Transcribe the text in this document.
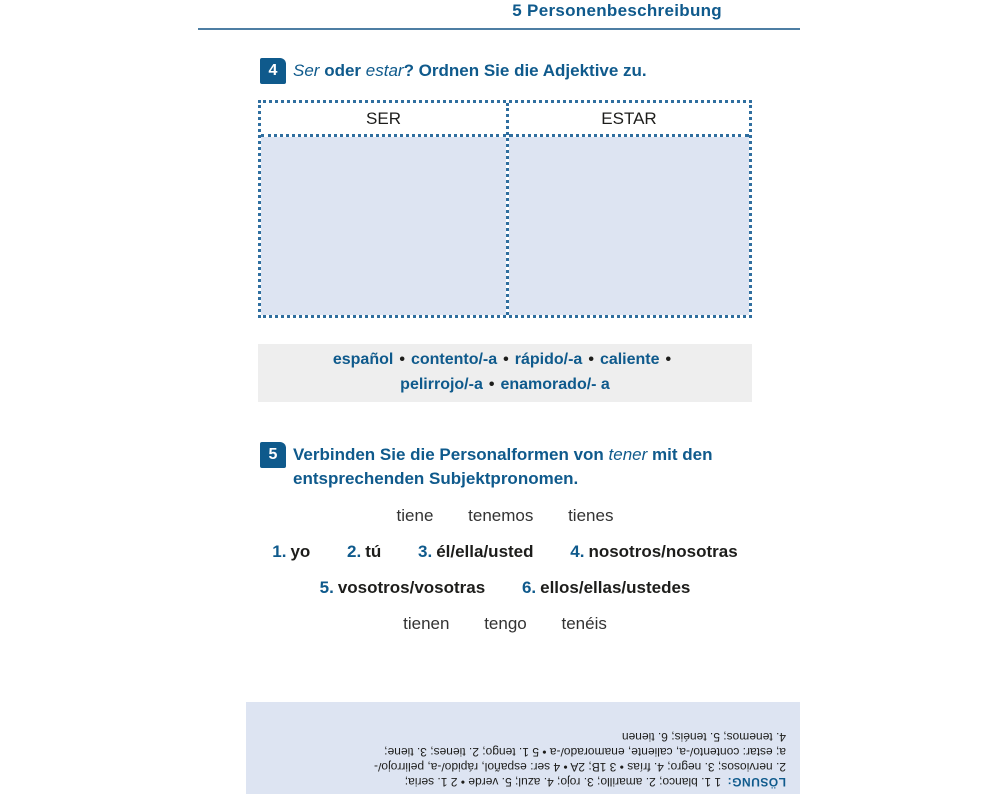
5 Personenbeschreibung
4 Ser oder estar? Ordnen Sie die Adjektive zu.
SER	ESTAR
español • contento/-a • rápido/-a • caliente •
pelirrojo/-a • enamorado/- a
5 Verbinden Sie die Personalformen von tener mit den
entsprechenden Subjektpronomen.
tiene tenemos tienes
1. yo 2. tú 3. él/ella/usted 4. nosotros/nosotras
5. vosotros/vosotras 6. ellos/ellas/ustedes
tienen tengo tenéis
LÖSUNG:1 1. blanco; 2. amarillo; 3. rojo; 4. azul; 5. verde • 2 1. seria;
2. nerviosos; 3. negro; 4. frías • 3 1B; 2A • 4 ser: español, rápido/-a, pelirrojo/-
a; estar: contento/-a, caliente, enamorado/-a • 5 1. tengo; 2. tienes; 3. tiene;
4. tenemos; 5. tenéis; 6. tienen
